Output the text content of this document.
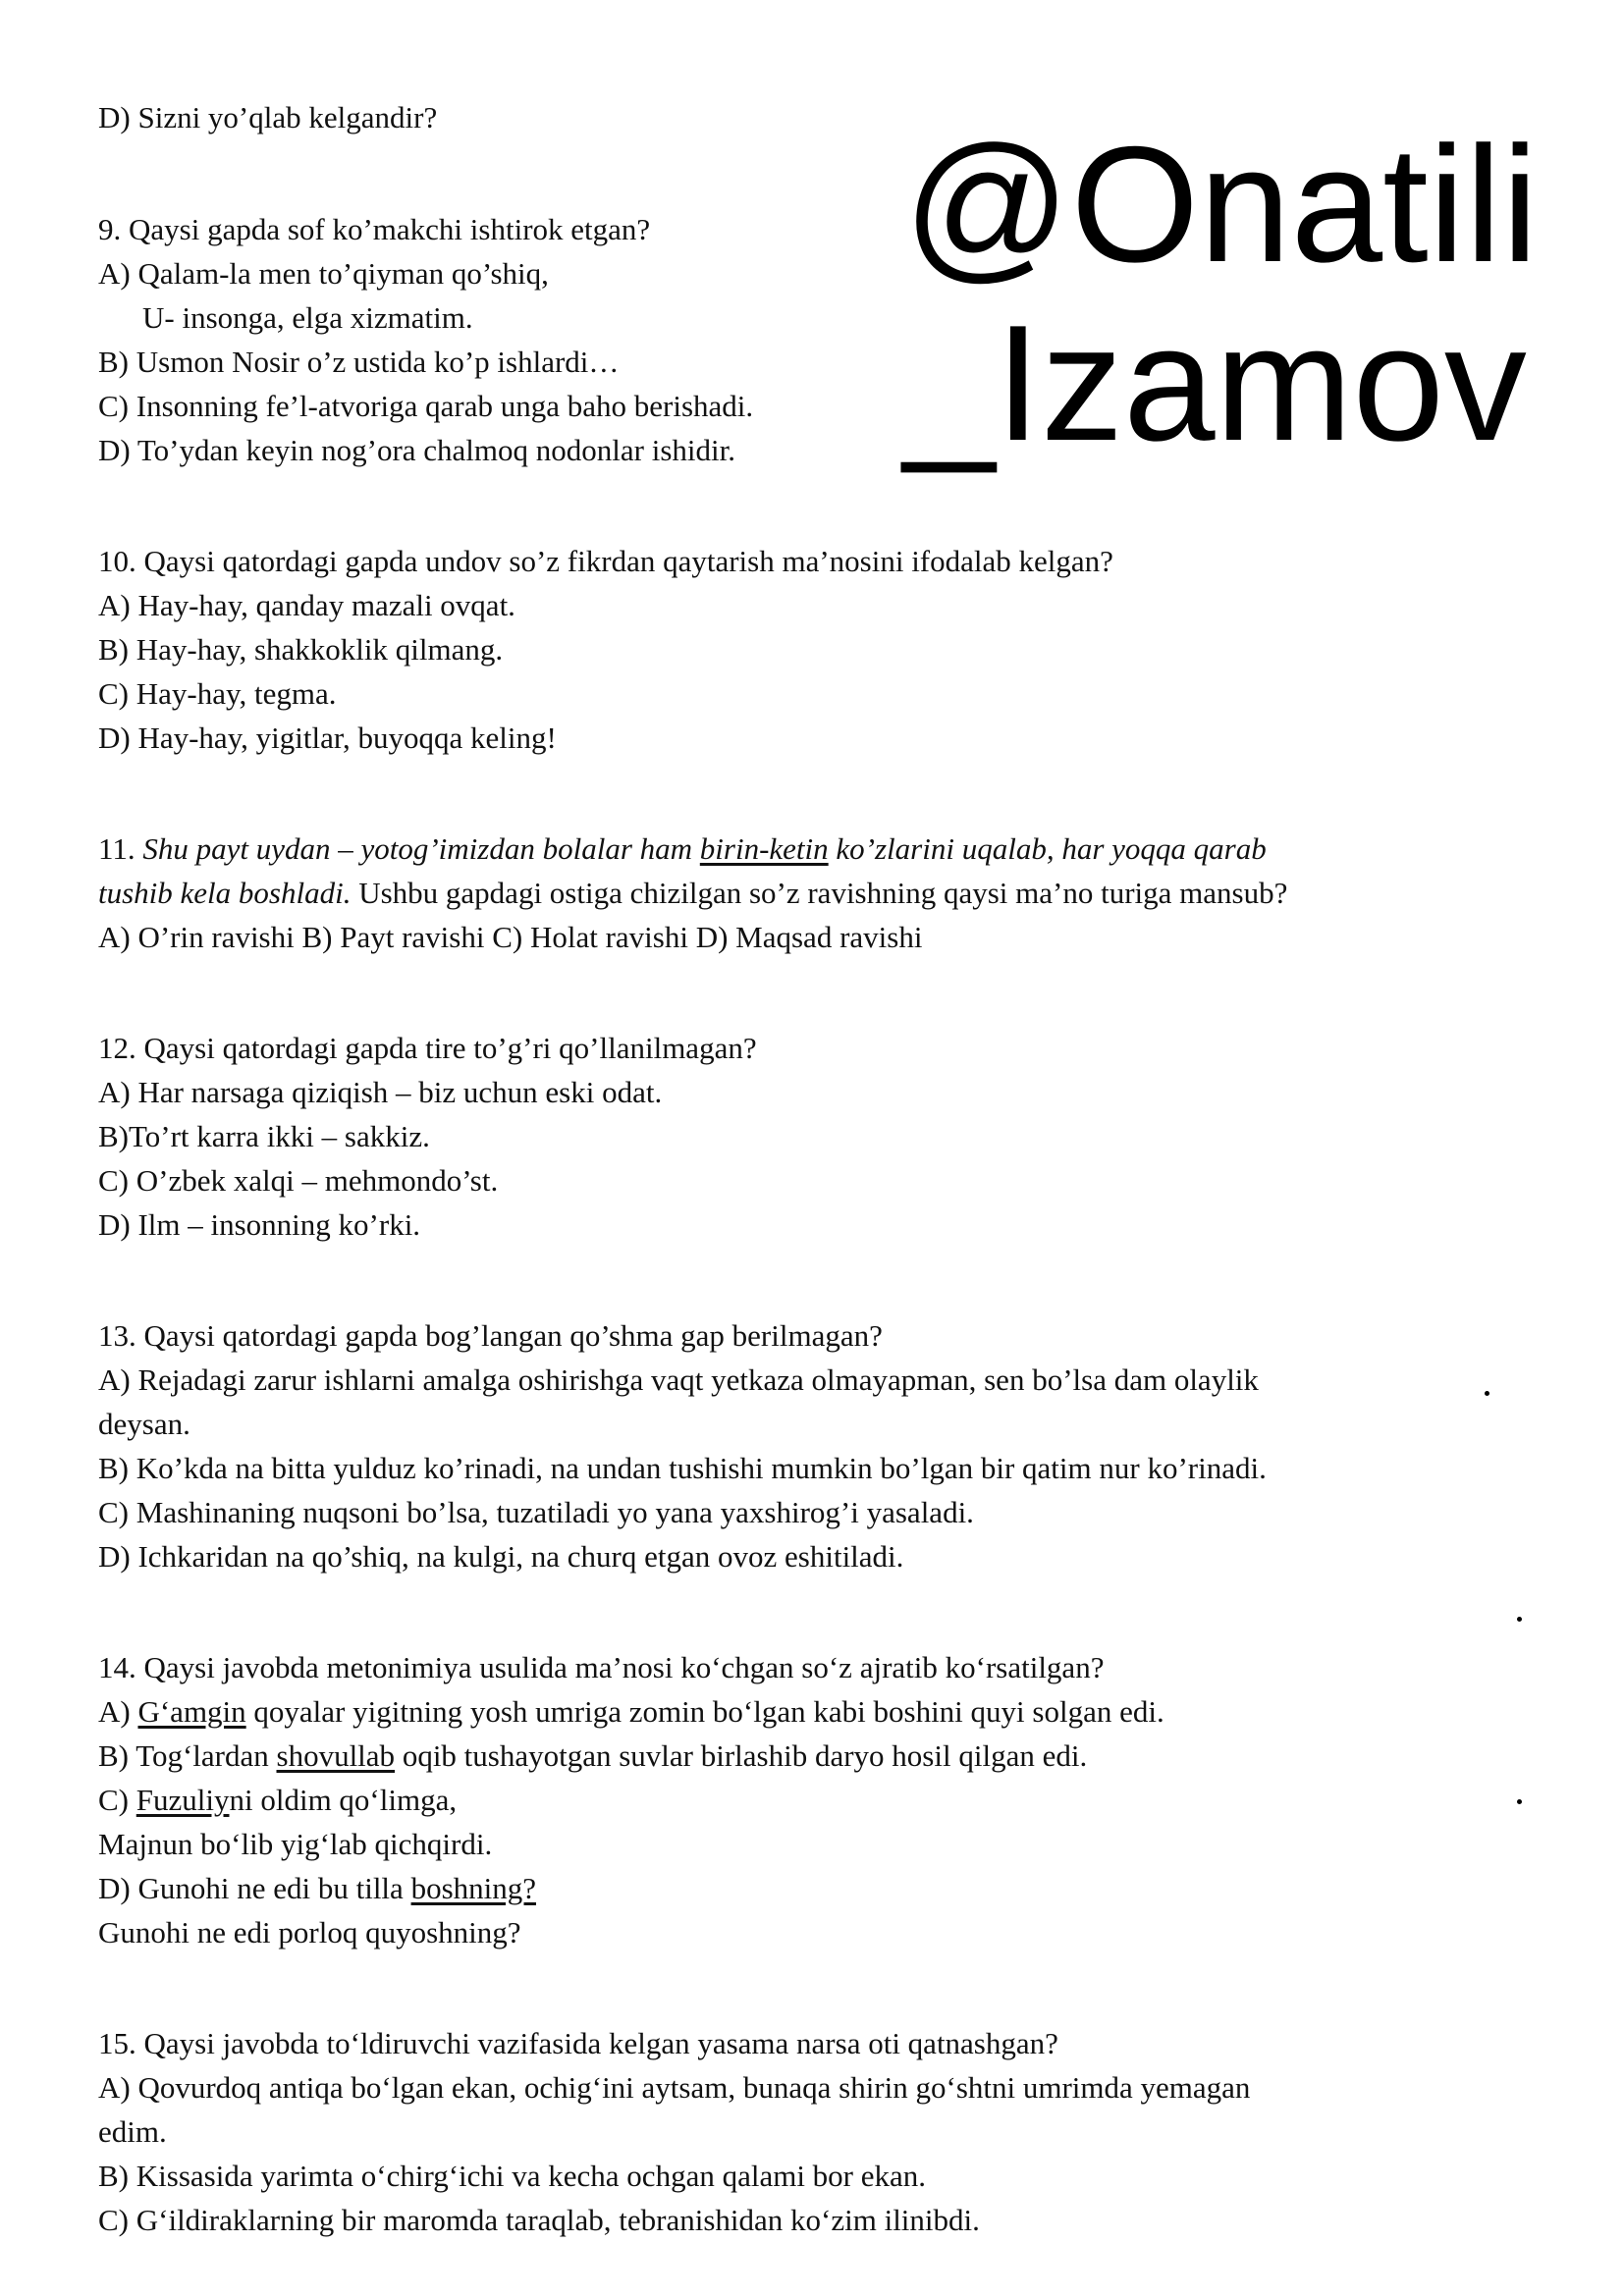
@Onatili
_Izamov
D) Sizni yo’qlab kelgandir?
9. Qaysi gapda sof ko’makchi ishtirok etgan?
A) Qalam-la men to’qiyman qo’shiq,
U- insonga, elga xizmatim.
B) Usmon Nosir o’z ustida ko’p ishlardi…
C) Insonning fe’l-atvoriga qarab unga baho berishadi.
D) To’ydan keyin nog’ora chalmoq nodonlar ishidir.
10. Qaysi qatordagi gapda undov so’z fikrdan qaytarish ma’nosini ifodalab kelgan?
A) Hay-hay, qanday mazali ovqat.
B) Hay-hay, shakkoklik qilmang.
C) Hay-hay, tegma.
D) Hay-hay, yigitlar, buyoqqa keling!
11. Shu payt uydan – yotog’imizdan bolalar ham birin-ketin ko’zlarini uqalab, har yoqqa qarab
tushib kela boshladi. Ushbu gapdagi ostiga chizilgan so’z ravishning qaysi ma’no turiga mansub?
A) O’rin ravishi B) Payt ravishi C) Holat ravishi D) Maqsad ravishi
12. Qaysi qatordagi gapda tire to’g’ri qo’llanilmagan?
A) Har narsaga qiziqish – biz uchun eski odat.
B)To’rt karra ikki – sakkiz.
C) O’zbek xalqi – mehmondo’st.
D) Ilm – insonning ko’rki.
13. Qaysi qatordagi gapda bog’langan qo’shma gap berilmagan?
A) Rejadagi zarur ishlarni amalga oshirishga vaqt yetkaza olmayapman, sen bo’lsa dam olaylik
deysan.
B) Ko’kda na bitta yulduz ko’rinadi, na undan tushishi mumkin bo’lgan bir qatim nur ko’rinadi.
C) Mashinaning nuqsoni bo’lsa, tuzatiladi yo yana yaxshirog’i yasaladi.
D) Ichkaridan na qo’shiq, na kulgi, na churq etgan ovoz eshitiladi.
14. Qaysi javobda metonimiya usulida ma’nosi ko‘chgan so‘z ajratib ko‘rsatilgan?
A) G‘amgin qoyalar yigitning yosh umriga zomin bo‘lgan kabi boshini quyi solgan edi.
B) Tog‘lardan shovullab oqib tushayotgan suvlar birlashib daryo hosil qilgan edi.
C) Fuzuliyni oldim qo‘limga,
Majnun bo‘lib yig‘lab qichqirdi.
D) Gunohi ne edi bu tilla boshning?
Gunohi ne edi porloq quyoshning?
15. Qaysi javobda to‘ldiruvchi vazifasida kelgan yasama narsa oti qatnashgan?
A) Qovurdoq antiqa bo‘lgan ekan, ochig‘ini aytsam, bunaqa shirin go‘shtni umrimda yemagan
edim.
B) Kissasida yarimta o‘chirg‘ichi va kecha ochgan qalami bor ekan.
C) G‘ildiraklarning bir maromda taraqlab, tebranishidan ko‘zim ilinibdi.
